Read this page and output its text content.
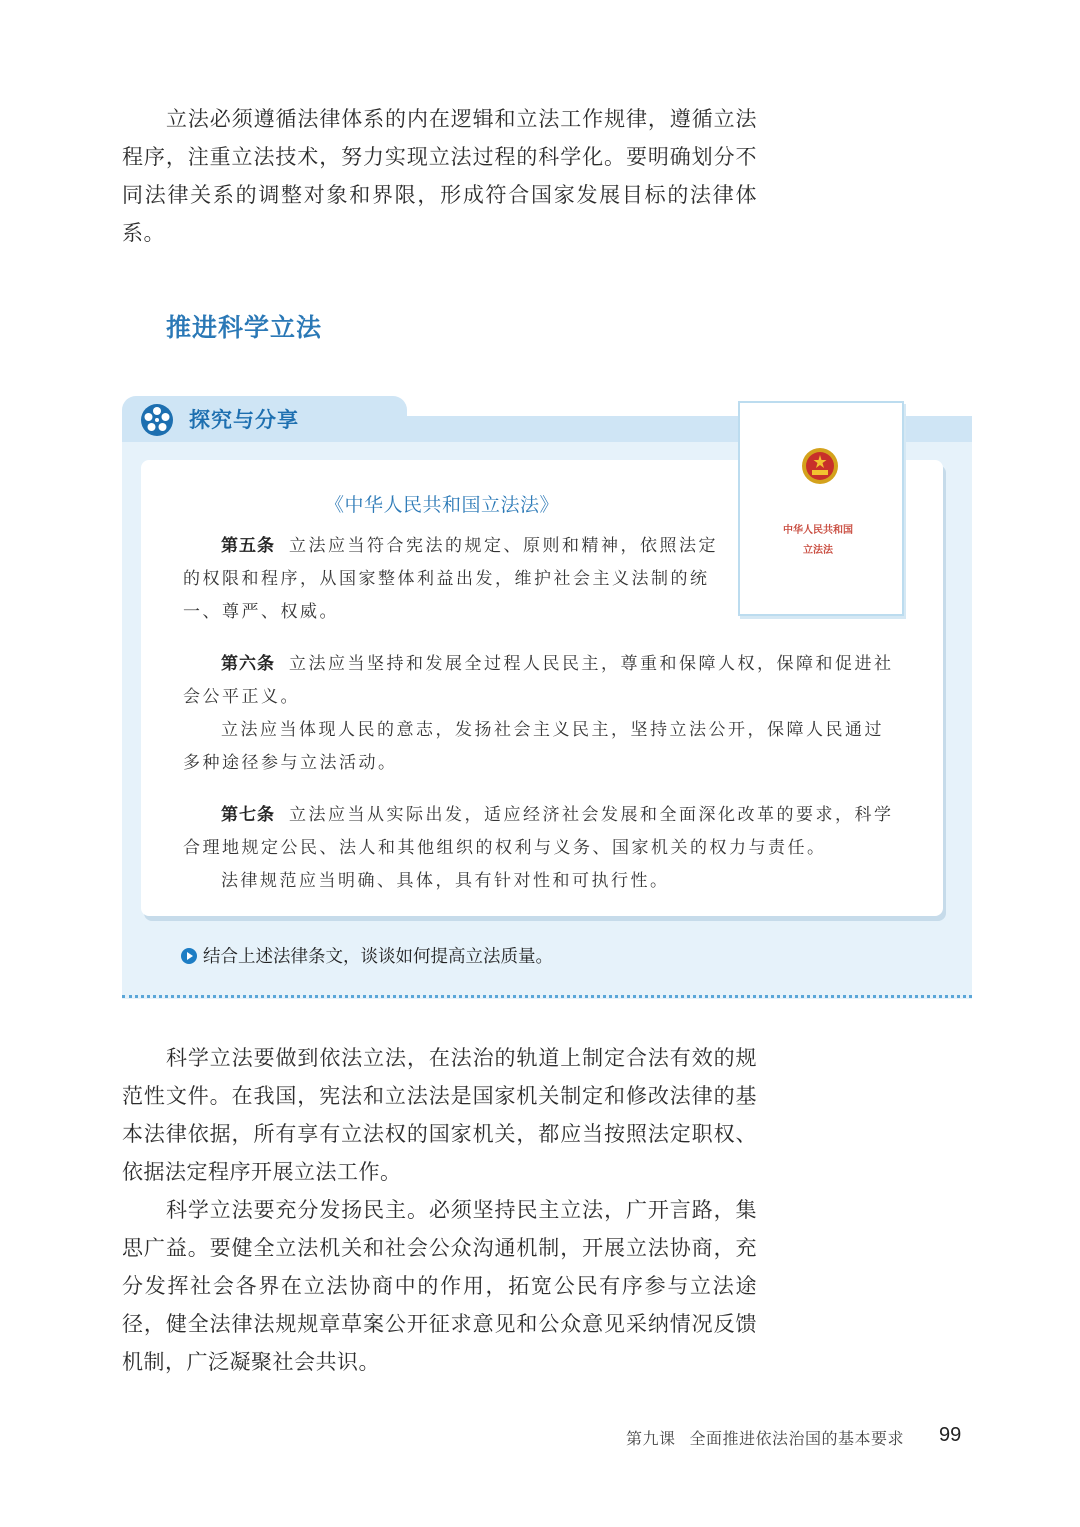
立法必须遵循法律体系的内在逻辑和立法工作规律，遵循立法程序，注重立法技术，努力实现立法过程的科学化。要明确划分不同法律关系的调整对象和界限，形成符合国家发展目标的法律体系。

推进科学立法
探究与分享
中华人民共和国
立法法
《中华人民共和国立法法》

第五条 立法应当符合宪法的规定、原则和精神，依照法定的权限和程序，从国家整体利益出发，维护社会主义法制的统一、尊严、权威。

第六条 立法应当坚持和发展全过程人民民主，尊重和保障人权，保障和促进社会公平正义。

立法应当体现人民的意志，发扬社会主义民主，坚持立法公开，保障人民通过多种途径参与立法活动。

第七条 立法应当从实际出发，适应经济社会发展和全面深化改革的要求，科学合理地规定公民、法人和其他组织的权利与义务、国家机关的权力与责任。

法律规范应当明确、具体，具有针对性和可执行性。

结合上述法律条文，谈谈如何提高立法质量。

科学立法要做到依法立法，在法治的轨道上制定合法有效的规范性文件。在我国，宪法和立法法是国家机关制定和修改法律的基本法律依据，所有享有立法权的国家机关，都应当按照法定职权、依据法定程序开展立法工作。

科学立法要充分发扬民主。必须坚持民主立法，广开言路，集思广益。要健全立法机关和社会公众沟通机制，开展立法协商，充分发挥社会各界在立法协商中的作用，拓宽公民有序参与立法途径，健全法律法规规章草案公开征求意见和公众意见采纳情况反馈机制，广泛凝聚社会共识。

第九课 全面推进依法治国的基本要求 99
